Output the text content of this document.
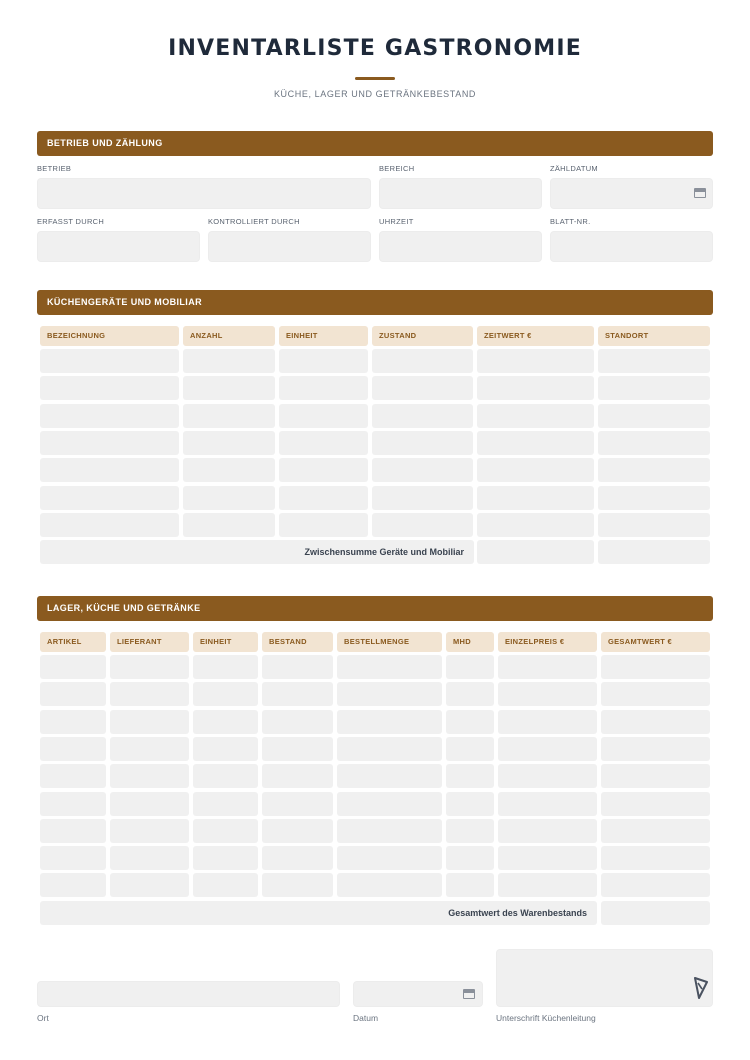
INVENTARLISTE GASTRONOMIE
KÜCHE, LAGER UND GETRÄNKEBESTAND
BETRIEB UND ZÄHLUNG
BETRIEB	BEREICH	ZÄHLDATUM
ERFASST DURCH	KONTROLLIERT DURCH	UHRZEIT	BLATT-NR.
KÜCHENGERÄTE UND MOBILIAR
BEZEICHNUNG	ANZAHL	EINHEIT	ZUSTAND	ZEITWERT €	STANDORT
Zwischensumme Geräte und Mobiliar
LAGER, KÜCHE UND GETRÄNKE
ARTIKEL	LIEFERANT	EINHEIT	BESTAND	BESTELLMENGE	MHD	EINZELPREIS €	GESAMTWERT €
Gesamtwert des Warenbestands
Ort	Datum	Unterschrift Küchenleitung
